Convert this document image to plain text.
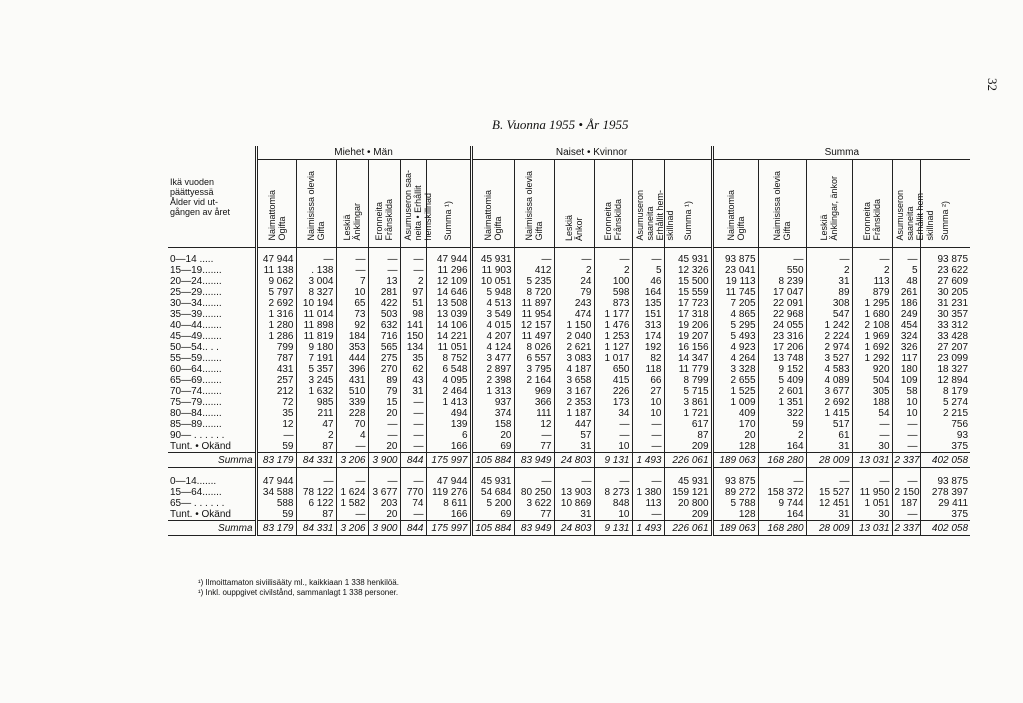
32
B. Vuonna 1955 • År 1955
Ikä vuoden
päättyessä
Ålder vid ut-
gången av året	Miehet • Män						Naiset • Kvinnor						Summa					
	Naimattomia
Ogifta	Naimisissa olevia
Gifta	Leskiä
Änklingar	Eronneita
Frånskilda	Asumuseron saa-
neita • Erhållit
hemskillnad	Summa ¹)	Naimattomia
Ogifta	Naimisissa olevia
Gifta	Leskiä
Änkor	Eronneita
Frånskilda	Asumuseron
saaneita
Erhållit hem-
skillnad	Summa ¹)	Naimattomia
Ogifta	Naimisissa olevia
Gifta	Leskiä
Änklingar, änkor	Eronneita
Frånskilda	Asumuseron
saaneita
Erhållit hem-
skillnad	Summa ²)
0—14 .....	47 944	—	—	—	—	47 944	45 931	—	—	—	—	45 931	93 875	—	—	—	—	93 875
15—19.......	11 138	. 138	—	—	—	11 296	11 903	412	2	2	5	12 326	23 041	550	2	2	5	23 622
20—24.......	9 062	3 004	7	13	2	12 109	10 051	5 235	24	100	46	15 500	19 113	8 239	31	113	48	27 609
25—29.......	5 797	8 327	10	281	97	14 646	5 948	8 720	79	598	164	15 559	11 745	17 047	89	879	261	30 205
30—34.......	2 692	10 194	65	422	51	13 508	4 513	11 897	243	873	135	17 723	7 205	22 091	308	1 295	186	31 231
35—39.......	1 316	11 014	73	503	98	13 039	3 549	11 954	474	1 177	151	17 318	4 865	22 968	547	1 680	249	30 357
40—44.......	1 280	11 898	92	632	141	14 106	4 015	12 157	1 150	1 476	313	19 206	5 295	24 055	1 242	2 108	454	33 312
45—49.......	1 286	11 819	184	716	150	14 221	4 207	11 497	2 040	1 253	174	19 207	5 493	23 316	2 224	1 969	324	33 428
50—54.. . .	799	9 180	353	565	134	11 051	4 124	8 026	2 621	1 127	192	16 156	4 923	17 206	2 974	1 692	326	27 207
55—59.......	787	7 191	444	275	35	8 752	3 477	6 557	3 083	1 017	82	14 347	4 264	13 748	3 527	1 292	117	23 099
60—64.......	431	5 357	396	270	62	6 548	2 897	3 795	4 187	650	118	11 779	3 328	9 152	4 583	920	180	18 327
65—69.......	257	3 245	431	89	43	4 095	2 398	2 164	3 658	415	66	8 799	2 655	5 409	4 089	504	109	12 894
70—74.......	212	1 632	510	79	31	2 464	1 313	969	3 167	226	27	5 715	1 525	2 601	3 677	305	58	8 179
75—79.......	72	985	339	15	—	1 413	937	366	2 353	173	10	3 861	1 009	1 351	2 692	188	10	5 274
80—84.......	35	211	228	20	—	494	374	111	1 187	34	10	1 721	409	322	1 415	54	10	2 215
85—89.......	12	47	70	—	—	139	158	12	447	—	—	617	170	59	517	—	—	756
90— . . . . . .	—	2	4	—	—	6	20	—	57	—	—	87	20	2	61	—	—	93
Tunt. • Okänd	59	87	—	20	—	166	69	77	31	10	—	209	128	164	31	30	—	375
Summa	83 179	84 331	3 206	3 900	844	175 997	105 884	83 949	24 803	9 131	1 493	226 061	189 063	168 280	28 009	13 031	2 337	402 058

0—14.......	47 944	—	—	—	—	47 944	45 931	—	—	—	—	45 931	93 875	—	—	—	—	93 875
15—64.......	34 588	78 122	1 624	3 677	770	119 276	54 684	80 250	13 903	8 273	1 380	159 121	89 272	158 372	15 527	11 950	2 150	278 397
65— . . . . . .	588	6 122	1 582	203	74	8 611	5 200	3 622	10 869	848	113	20 800	5 788	9 744	12 451	1 051	187	29 411
Tunt. • Okänd	59	87	—	20	—	166	69	77	31	10	—	209	128	164	31	30	—	375
Summa	83 179	84 331	3 206	3 900	844	175 997	105 884	83 949	24 803	9 131	1 493	226 061	189 063	168 280	28 009	13 031	2 337	402 058
¹) Ilmoittamaton siviilisääty ml., kaikkiaan 1 338 henkilöä.
¹) Inkl. ouppgivet civilstånd, sammanlagt 1 338 personer.
